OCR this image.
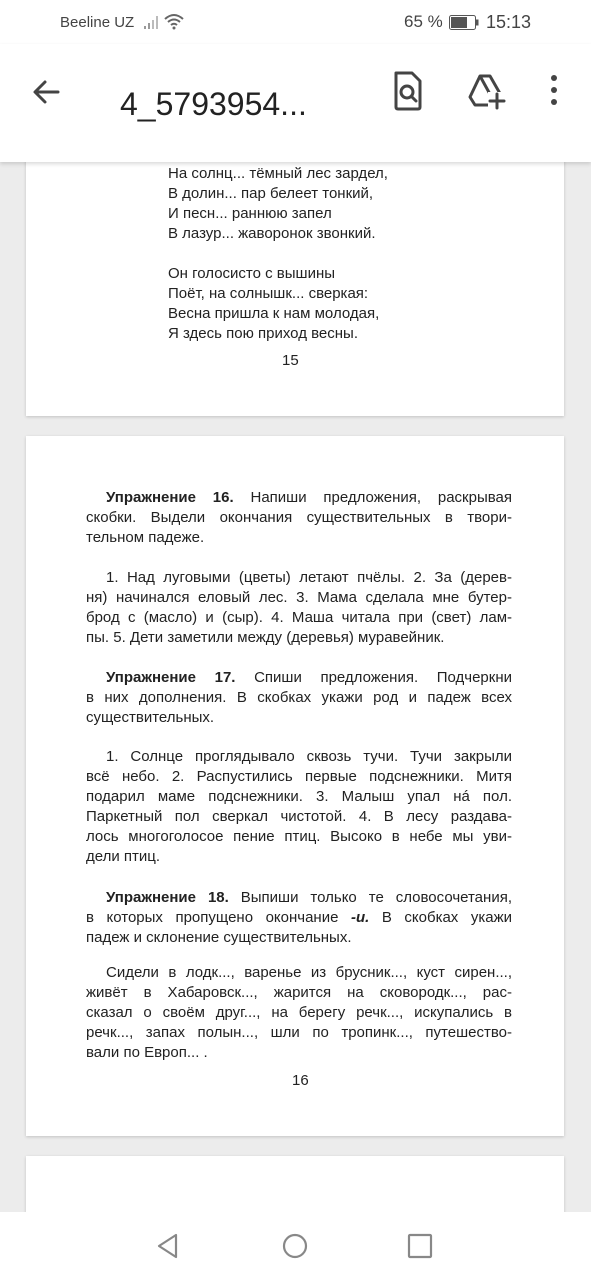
Beeline UZ	65 % 15:13
4_5793954...
На солнц... тёмный лес зардел,
В долин... пар белеет тонкий,
И песн... раннюю запел
В лазур... жаворонок звонкий.
Он голосисто с вышины
Поёт, на солнышк... сверкая:
Весна пришла к нам молодая,
Я здесь пою приход весны.
15
Упражнение 16. Напиши предложения, раскрывая
скобки. Выдели окончания существительных в твори-
тельном падеже.
1. Над луговыми (цветы) летают пчёлы. 2. За (дерев-
ня) начинался еловый лес. 3. Мама сделала мне бутер-
брод с (масло) и (сыр). 4. Маша читала при (свет) лам-
пы. 5. Дети заметили между (деревья) муравейник.
Упражнение 17. Спиши предложения. Подчеркни
в них дополнения. В скобках укажи род и падеж всех
существительных.
1. Солнце проглядывало сквозь тучи. Тучи закрыли
всё небо. 2. Распустились первые подснежники. Митя
подарил маме подснежники. 3. Малыш упал нá пол.
Паркетный пол сверкал чистотой. 4. В лесу раздава-
лось многоголосое пение птиц. Высоко в небе мы уви-
дели птиц.
Упражнение 18. Выпиши только те словосочетания,
в которых пропущено окончание -и. В скобках укажи
падеж и склонение существительных.
Сидели в лодк..., варенье из брусник..., куст сирен...,
живёт в Хабаровск..., жарится на сковородк..., рас-
сказал о своём друг..., на берегу речк..., искупались в
речк..., запах полын..., шли по тропинк..., путешество-
вали по Европ... .
16
